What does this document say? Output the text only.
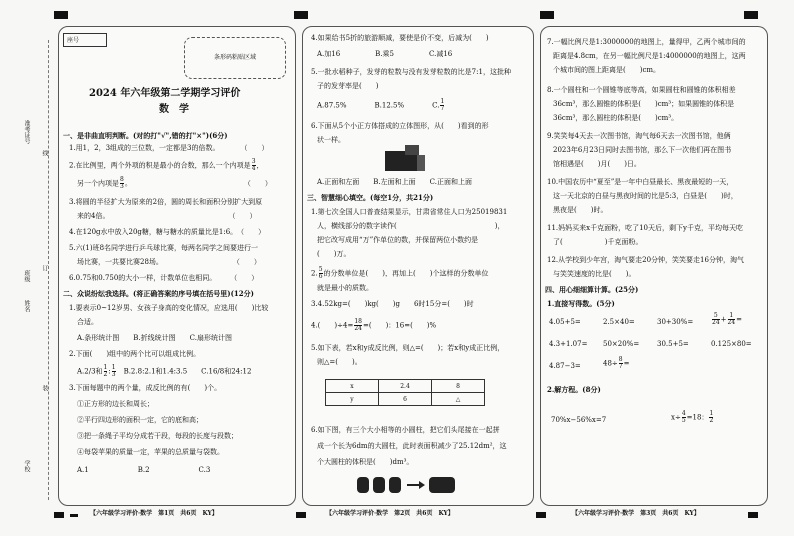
准考证号
班级
姓名
学校
线
订
装
座号
条形码粘贴区域
2024 年六年级第二学期学习评价
数　学
一、是非曲直明判断。(对的打"√",错的打"×")(6分)
1.用1，2，3组成的三位数，一定都是3的倍数。　　　　（　　）
2.在比例里，两个外项的积是最小的合数，那么一个内项是 $\frac{3}{4}$ ，
另一个内项是 $\frac{8}{3}$ 。　　　　　　　　　　　　　　　　　（　　）
3.将圆的半径扩大为原来的2倍，圆的周长和面积分别扩大到原
来的4倍。　　　　　　　　　　　　　　　　　　（　　）
4.在120g水中放入20g糖，糖与糖水的质量比是1:6。　（　　）
5.六(1)班8名同学进行乒乓球比赛，每两名同学之间要进行一
场比赛，一共要比赛28场。　　　　　　　　　　　（　　）
6.0.75和0.750的大小一样，计数单位也相同。　　　（　　）
二、众说纷纭我选择。(将正确答案的序号填在括号里)(12分)
1.要表示0~12岁男、女孩子身高的变化情况，应选用(　　)比较
合适。
A.条形统计图　　B.折线统计图　　C.扇形统计图
2.下面(　　)组中的两个比可以组成比例。
A.2/3和 $\frac{1}{2}$ : $\frac{1}{3}$
　 B.2.8:2.1和1.4:3.5　　C.16/8和24:12
3.下面每题中的两个量，成反比例的有(　　)个。
①正方形的边长和周长；
②平行四边形的面积一定，它的底和高；
③把一条绳子平均分成若干段，每段的长度与段数；
④每袋苹果的质量一定，苹果的总质量与袋数。
A.1　　　　　　　B.2　　　　　　　C.3
【六年级学习评价·数学　第1页　共6页　KY】
4.如果给书5折的旅游顺减，要使是价不变，后减为(　　)
A.加16　　　　　B.乘5　　　　　C.减16
5.一批水稻种子，发芽的粒数与没有发芽粒数的比是7:1，这批种
子的发芽率是(　　)
A.87.5%　　　　B.12.5%　　　　C. $\frac{1}{7}$
6.下面从5个小正方体搭成的立体图形，从(　　)看到的形
状一样。
A.正面和左面　　B.左面和上面　　C.正面和上面
三、智慧细心填空。(每空1分，共21分)
1.第七次全国人口普查结果显示，甘肃省常住人口为25019831
人，横线部分的数字读作(　　　　　　　　　　　　　　)，
把它改写成用“万”作单位的数，并保留两位小数约是
(　　)万。
2. $\frac{5}{6}$ 的分数单位是(　　)，再加上(　　)个这样的分数单位
就是最小的质数。
3.4.52kg=(　　)kg(　　)g　　6时15分=(　　)时
4.(　　)$\div 4= \frac{18}{24}$ =(　　)：16=(　　)%
5.如下表，若x和y成反比例，则△=(　　)；若x和y成正比例，
则△=(　　)。
x	2.4	8
y	6	△
6.如下图，有三个大小相等的小圆柱，把它们头尾接在一起拼
成一个长为6dm的大圆柱，此时表面积减少了25.12dm²，这
个大圆柱的体积是(　　)dm³。
【六年级学习评价·数学　第2页　共6页　KY】
7.一幅比例尺是1:3000000的地图上，量得甲，乙两个城市间的
距离是4.8cm，在另一幅比例尺是1:4000000的地图上，这两
个城市间的图上距离是(　　)cm。
8.一个圆柱和一个圆锥等底等高，如果圆柱和圆锥的体积相差
36cm³，那么圆锥的体积是(　　)cm³；如果圆锥的体积是
36cm³，那么圆柱的体积是(　　)cm³。
9.笑笑每4天去一次图书馆，淘气每6天去一次图书馆，他俩
2023年6月23日同时去图书馆，那么下一次他们再在图书
馆相遇是(　　)月(　　)日。
10.中国农历中“夏至”是一年中白昼最长、黑夜最短的一天，
这一天北京的白昼与黑夜时间的比是5:3，白昼是(　　)时，
黑夜是(　　)时。
11.妈妈买来x千克面粉，吃了10天后，剩下y千克，平均每天吃
了(　　　　　　)千克面粉。
12.从学校到少年宫，淘气要走20分钟，笑笑要走16分钟，淘气
与笑笑速度的比是(　　)。
四、用心细细算计算。(25分)
1.直接写得数。(5分)
4.05+5=	2.5×40=	30+30%=	$\frac{5}{24} + \frac{1}{24}$ =
4.3+1.07= 50×20%=	30.5+5=	0.125×80=
4.87−3=	$48\div \frac{8}{7}$ =
2.解方程。(8分)
70%x−56%x=7	$x\div \frac{4}{5} =18$： $\frac{1}{2}$
【六年级学习评价·数学　第3页　共6页　KY】
